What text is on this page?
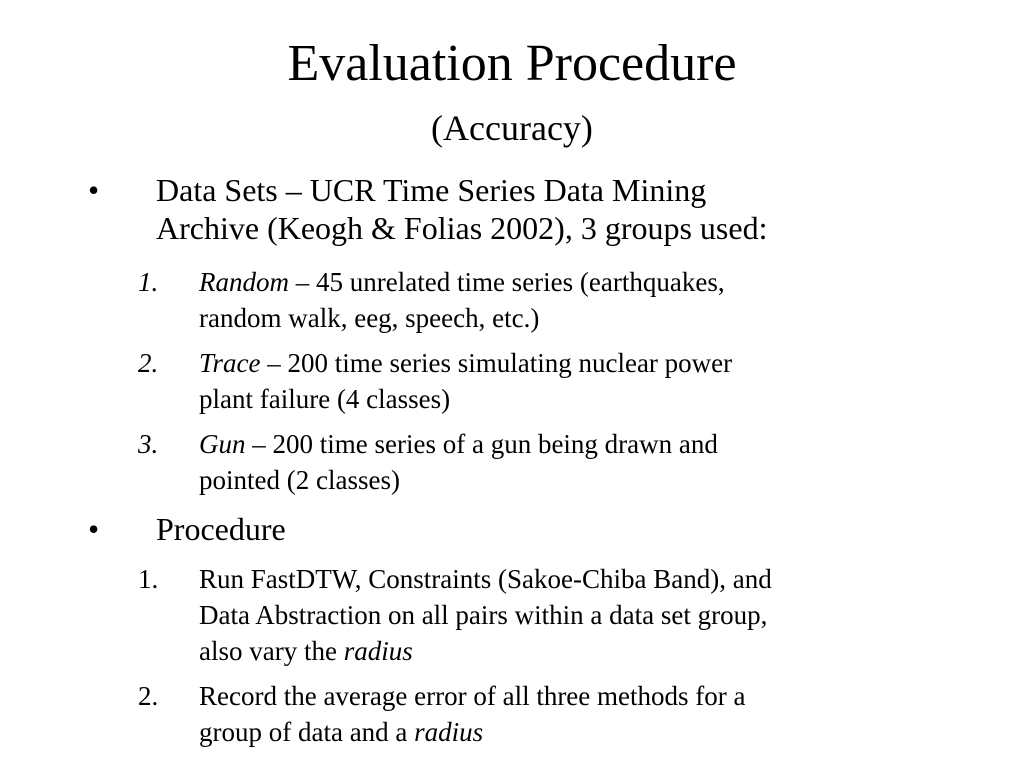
Evaluation Procedure
(Accuracy)
• Data Sets – UCR Time Series Data Mining
Archive (Keogh & Folias 2002), 3 groups used:
1. Random – 45 unrelated time series (earthquakes,
random walk, eeg, speech, etc.)
2. Trace – 200 time series simulating nuclear power
plant failure (4 classes)
3. Gun – 200 time series of a gun being drawn and
pointed (2 classes)
• Procedure
1. Run FastDTW, Constraints (Sakoe-Chiba Band), and
Data Abstraction on all pairs within a data set group,
also vary the radius
2. Record the average error of all three methods for a
group of data and a radius
